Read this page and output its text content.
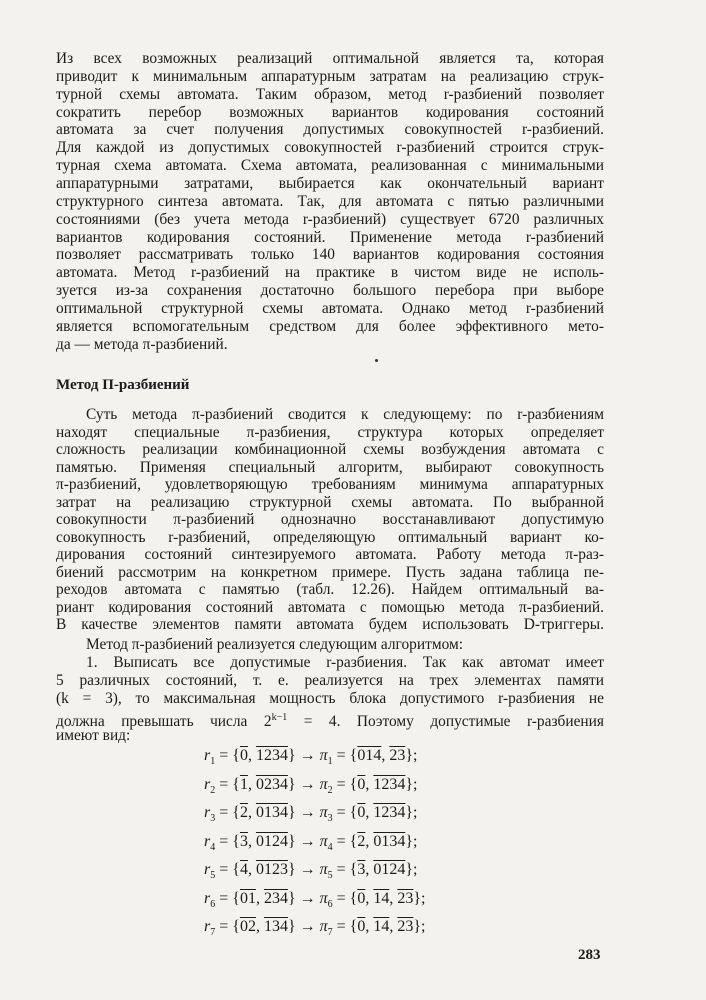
Из всех возможных реализаций оптимальной является та, которая
приводит к минимальным аппаратурным затратам на реализацию струк-
турной схемы автомата. Таким образом, метод r-разбиений позволяет
сократить перебор возможных вариантов кодирования состояний
автомата за счет получения допустимых совокупностей r-разбиений.
Для каждой из допустимых совокупностей r-разбиений строится струк-
турная схема автомата. Схема автомата, реализованная с минимальными
аппаратурными затратами, выбирается как окончательный вариант
структурного синтеза автомата. Так, для автомата с пятью различными
состояниями (без учета метода r-разбиений) существует 6720 различных
вариантов кодирования состояний. Применение метода r-разбиений
позволяет рассматривать только 140 вариантов кодирования состояния
автомата. Метод r-разбиений на практике в чистом виде не исполь-
зуется из-за сохранения достаточно большого перебора при выборе
оптимальной структурной схемы автомата. Однако метод r-разбиений
является вспомогательным средством для более эффективного мето-
да — метода π-разбиений.
Метод П-разбиений
Суть метода π-разбиений сводится к следующему: по r-разбиениям
находят специальные π-разбиения, структура которых определяет
сложность реализации комбинационной схемы возбуждения автомата с
памятью. Применяя специальный алгоритм, выбирают совокупность
π-разбиений, удовлетворяющую требованиям минимума аппаратурных
затрат на реализацию структурной схемы автомата. По выбранной
совокупности π-разбиений однозначно восстанавливают допустимую
совокупность r-разбиений, определяющую оптимальный вариант ко-
дирования состояний синтезируемого автомата. Работу метода π-раз-
биений рассмотрим на конкретном примере. Пусть задана таблица пе-
реходов автомата с памятью (табл. 12.26). Найдем оптимальный ва-
риант кодирования состояний автомата с помощью метода π-разбиений.
В качестве элементов памяти автомата будем использовать D-триггеры.
Метод π-разбиений реализуется следующим алгоритмом:
1. Выписать все допустимые r-разбиения. Так как автомат имеет
5 различных состояний, т. е. реализуется на трех элементах памяти
(k = 3), то максимальная мощность блока допустимого r-разбиения не
должна превышать числа $2^{k-1} = 4$. Поэтому допустимые r-разбиения
имеют вид:
$r_1 = \{0$, $1234\} \to \pi_1 = \{014$, 23};
$r_2 = \{1$, $0234\} \to \pi_2 = \{0$, 1234};
$r_3 = \{2$, $0134\} \to \pi_3 = \{0$, 1234};
$r_4 = \{3$, $0124\} \to \pi_4 = \{2$, 0134};
$r_5 = \{4$, $0123\} \to \pi_5 = \{3$, 0124};
$r_6 = \{01$, $234\} \to \pi_6 = \{0$, 14, 23};
$r_7 = \{02$, $134\} \to \pi_7 = \{0$, 14, 23};
283
